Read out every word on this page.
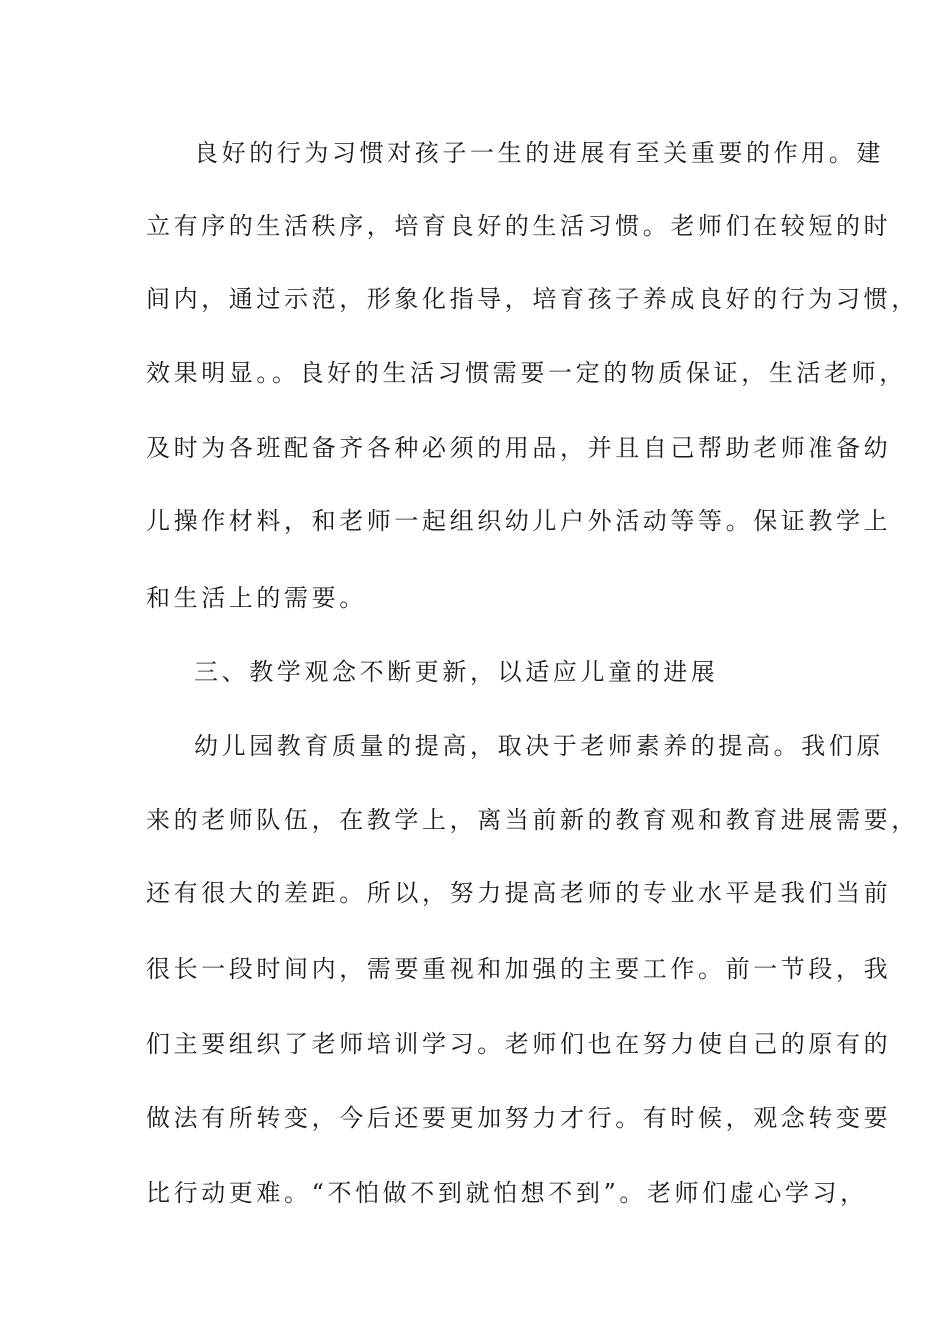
良好的行为习惯对孩子一生的进展有至关重要的作用。建
立有序的生活秩序，培育良好的生活习惯。老师们在较短的时
间内，通过示范，形象化指导，培育孩子养成良好的行为习惯，
效果明显。。良好的生活习惯需要一定的物质保证，生活老师，
及时为各班配备齐各种必须的用品，并且自己帮助老师准备幼
儿操作材料，和老师一起组织幼儿户外活动等等。保证教学上
和生活上的需要。
三、教学观念不断更新，以适应儿童的进展
幼儿园教育质量的提高，取决于老师素养的提高。我们原
来的老师队伍，在教学上，离当前新的教育观和教育进展需要，
还有很大的差距。所以，努力提高老师的专业水平是我们当前
很长一段时间内，需要重视和加强的主要工作。前一节段，我
们主要组织了老师培训学习。老师们也在努力使自己的原有的
做法有所转变，今后还要更加努力才行。有时候，观念转变要
比行动更难。“不怕做不到就怕想不到”。老师们虚心学习，
